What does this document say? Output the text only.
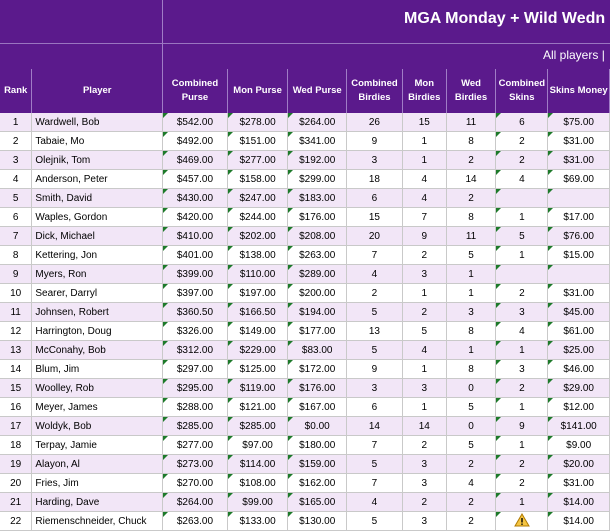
MGA Monday + Wild Wedn
All players |
Rank	Player	Combined Purse	Mon Purse	Wed Purse	Combined Birdies	Mon Birdies	Wed Birdies	Combined Skins	Skins Money
1	Wardwell, Bob	$542.00	$278.00	$264.00	26	15	11	6	$75.00
2	Tabaie, Mo	$492.00	$151.00	$341.00	9	1	8	2	$31.00
3	Olejnik, Tom	$469.00	$277.00	$192.00	3	1	2	2	$31.00
4	Anderson, Peter	$457.00	$158.00	$299.00	18	4	14	4	$69.00
5	Smith, David	$430.00	$247.00	$183.00	6	4	2		
6	Waples, Gordon	$420.00	$244.00	$176.00	15	7	8	1	$17.00
7	Dick, Michael	$410.00	$202.00	$208.00	20	9	11	5	$76.00
8	Kettering, Jon	$401.00	$138.00	$263.00	7	2	5	1	$15.00
9	Myers, Ron	$399.00	$110.00	$289.00	4	3	1		
10	Searer, Darryl	$397.00	$197.00	$200.00	2	1	1	2	$31.00
11	Johnsen, Robert	$360.50	$166.50	$194.00	5	2	3	3	$45.00
12	Harrington, Doug	$326.00	$149.00	$177.00	13	5	8	4	$61.00
13	McConahy, Bob	$312.00	$229.00	$83.00	5	4	1	1	$25.00
14	Blum, Jim	$297.00	$125.00	$172.00	9	1	8	3	$46.00
15	Woolley, Rob	$295.00	$119.00	$176.00	3	3	0	2	$29.00
16	Meyer, James	$288.00	$121.00	$167.00	6	1	5	1	$12.00
17	Woldyk, Bob	$285.00	$285.00	$0.00	14	14	0	9	$141.00
18	Terpay, Jamie	$277.00	$97.00	$180.00	7	2	5	1	$9.00
19	Alayon, Al	$273.00	$114.00	$159.00	5	3	2	2	$20.00
20	Fries, Jim	$270.00	$108.00	$162.00	7	3	4	2	$31.00
21	Harding, Dave	$264.00	$99.00	$165.00	4	2	2	1	$14.00
22	Riemenschneider, Chuck	$263.00	$133.00	$130.00	5	3	2		$14.00
